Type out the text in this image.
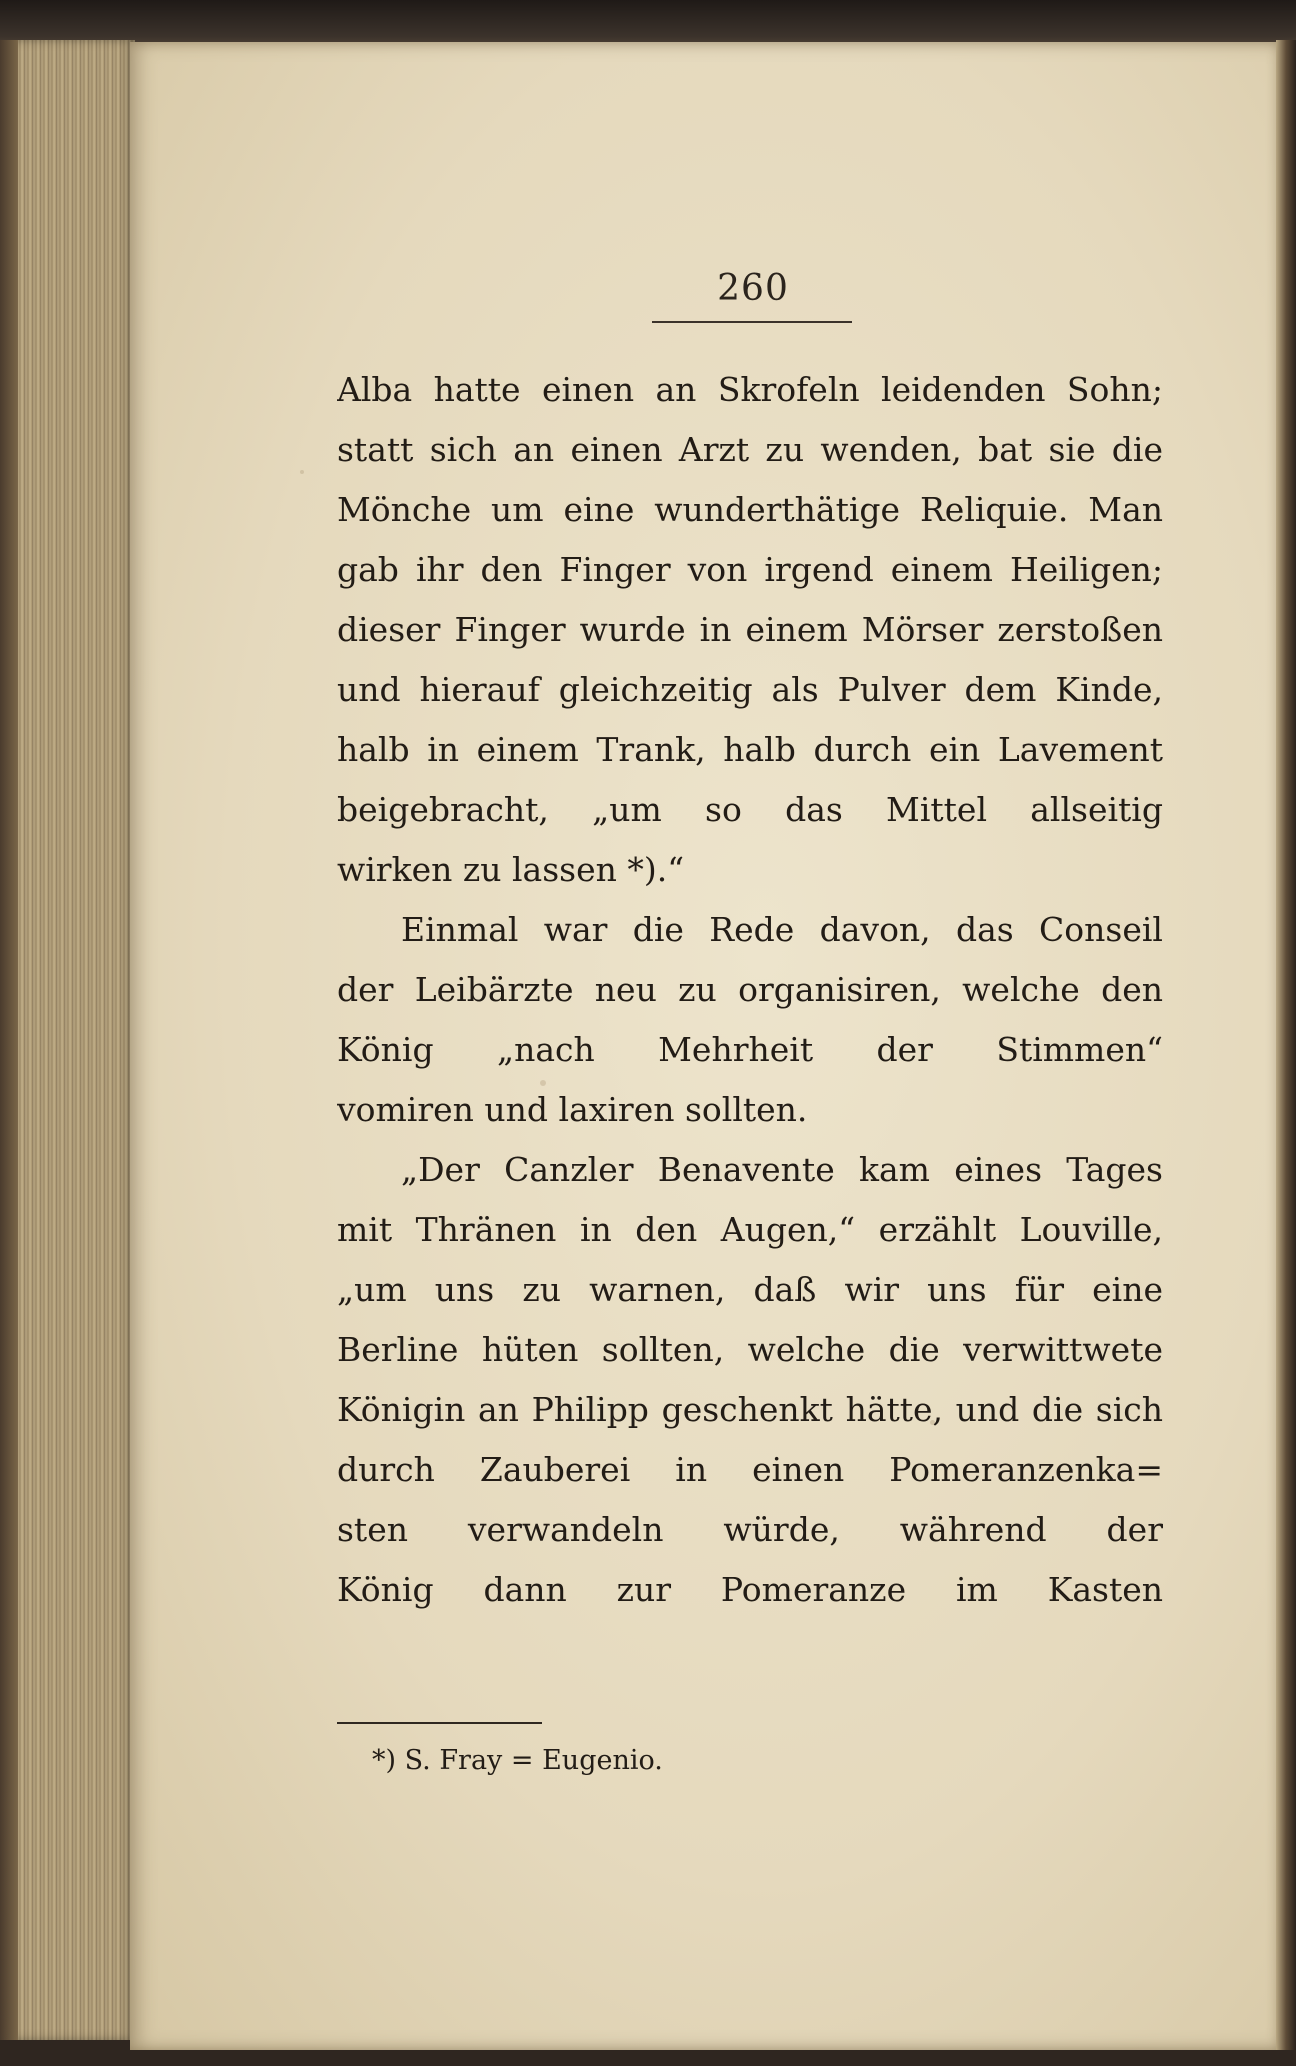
260
Alba hatte einen an Skrofeln leidenden Sohn;
statt sich an einen Arzt zu wenden, bat sie die
Mönche um eine wunderthätige Reliquie. Man
gab ihr den Finger von irgend einem Heiligen;
dieser Finger wurde in einem Mörser zerstoßen
und hierauf gleichzeitig als Pulver dem Kinde,
halb in einem Trank, halb durch ein Lavement
beigebracht, „um so das Mittel allseitig
wirken zu lassen *).“
Einmal war die Rede davon, das Conseil
der Leibärzte neu zu organisiren, welche den
König „nach Mehrheit der Stimmen“
vomiren und laxiren sollten.
„Der Canzler Benavente kam eines Tages
mit Thränen in den Augen,“ erzählt Louville,
„um uns zu warnen, daß wir uns für eine
Berline hüten sollten, welche die verwittwete
Königin an Philipp geschenkt hätte, und die sich
durch Zauberei in einen Pomeranzenka=
sten verwandeln würde, während der
König dann zur Pomeranze im Kasten
*) S. Fray = Eugenio.
